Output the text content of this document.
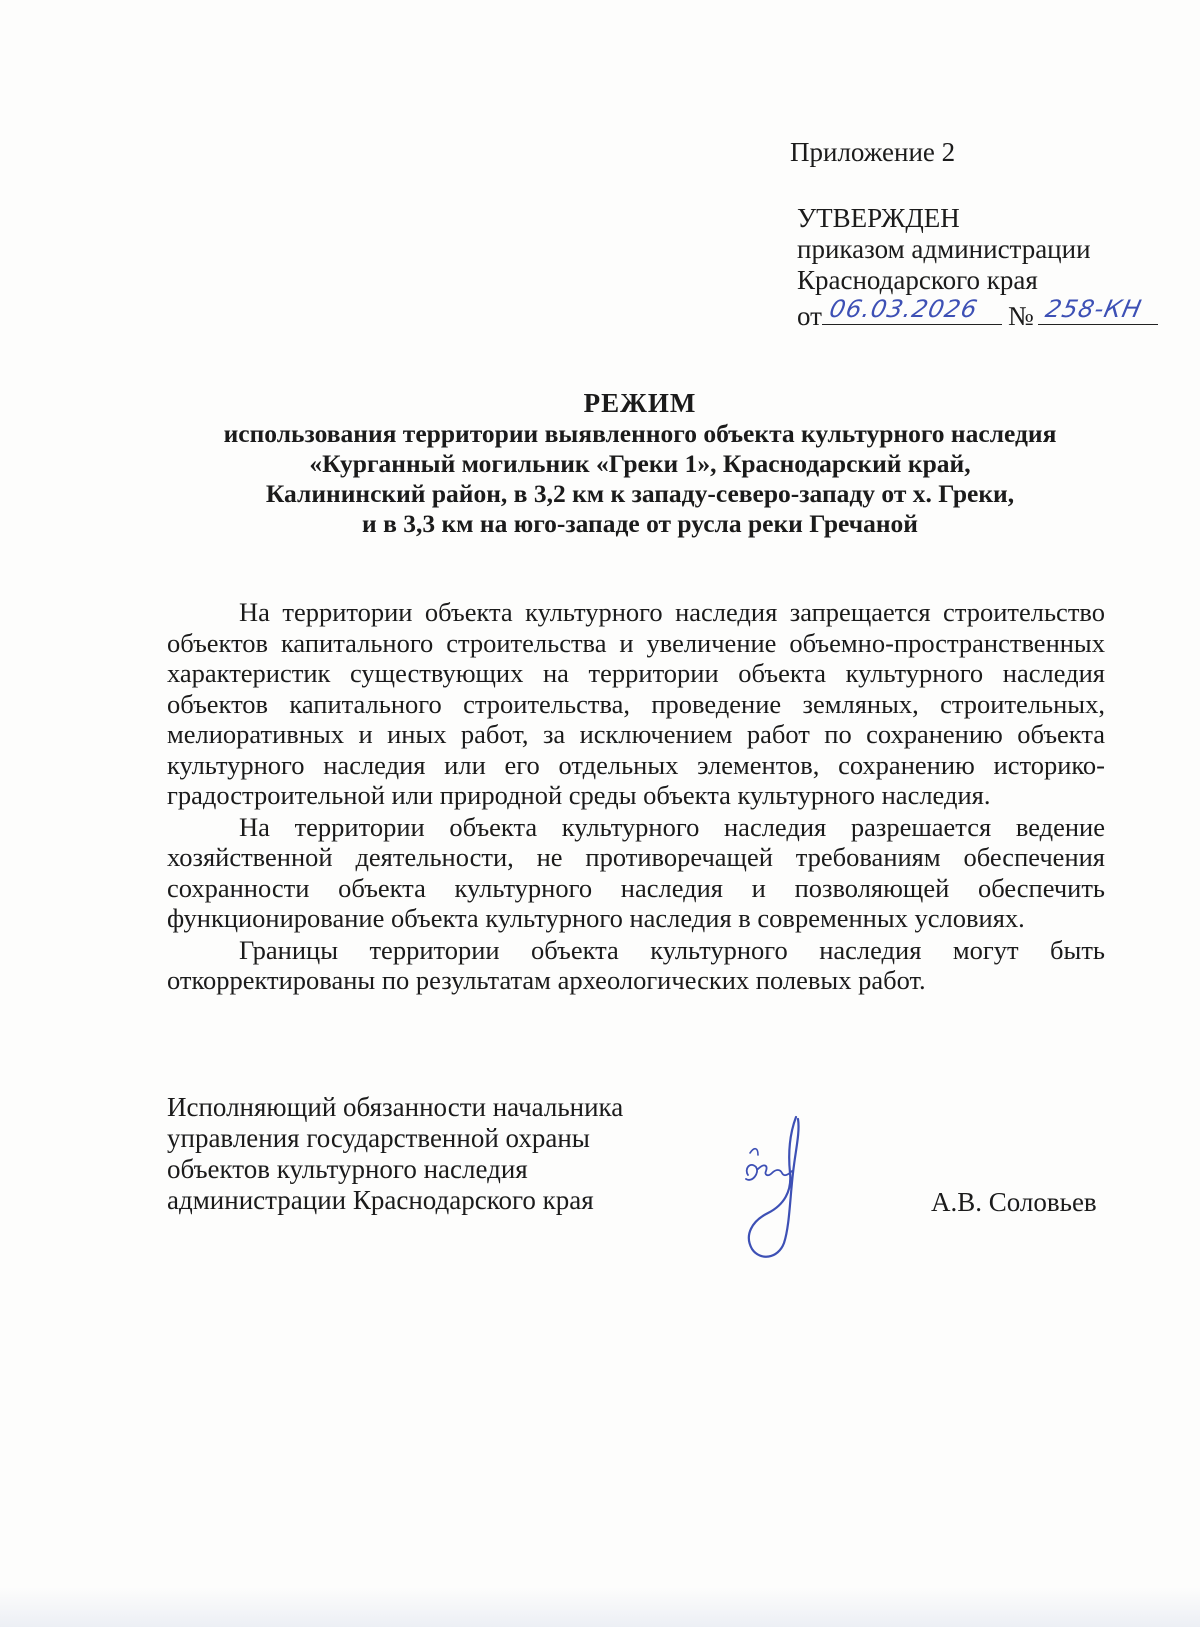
Приложение 2
УТВЕРЖДЕН
приказом администрации
Краснодарского края
от 06.03.2026 № 258-КН
РЕЖИМ
использования территории выявленного объекта культурного наследия
«Курганный могильник «Греки 1», Краснодарский край,
Калининский район, в 3,2 км к западу-северо-западу от х. Греки,
и в 3,3 км на юго-западе от русла реки Гречаной

На территории объекта культурного наследия запрещается строительство объектов капитального строительства и увеличение объемно-пространственных характеристик существующих на территории объекта культурного наследия объектов капитального строительства, проведение земляных, строительных, мелиоративных и иных работ, за исключением работ по сохранению объекта культурного наследия или его отдельных элементов, сохранению историко-градостроительной или природной среды объекта культурного наследия.

На территории объекта культурного наследия разрешается ведение хозяйственной деятельности, не противоречащей требованиям обеспечения сохранности объекта культурного наследия и позволяющей обеспечить функционирование объекта культурного наследия в современных условиях.

Границы территории объекта культурного наследия могут быть откорректированы по результатам археологических полевых работ.

Исполняющий обязанности начальника
управления государственной охраны
объектов культурного наследия
администрации Краснодарского края	А.В. Соловьев
